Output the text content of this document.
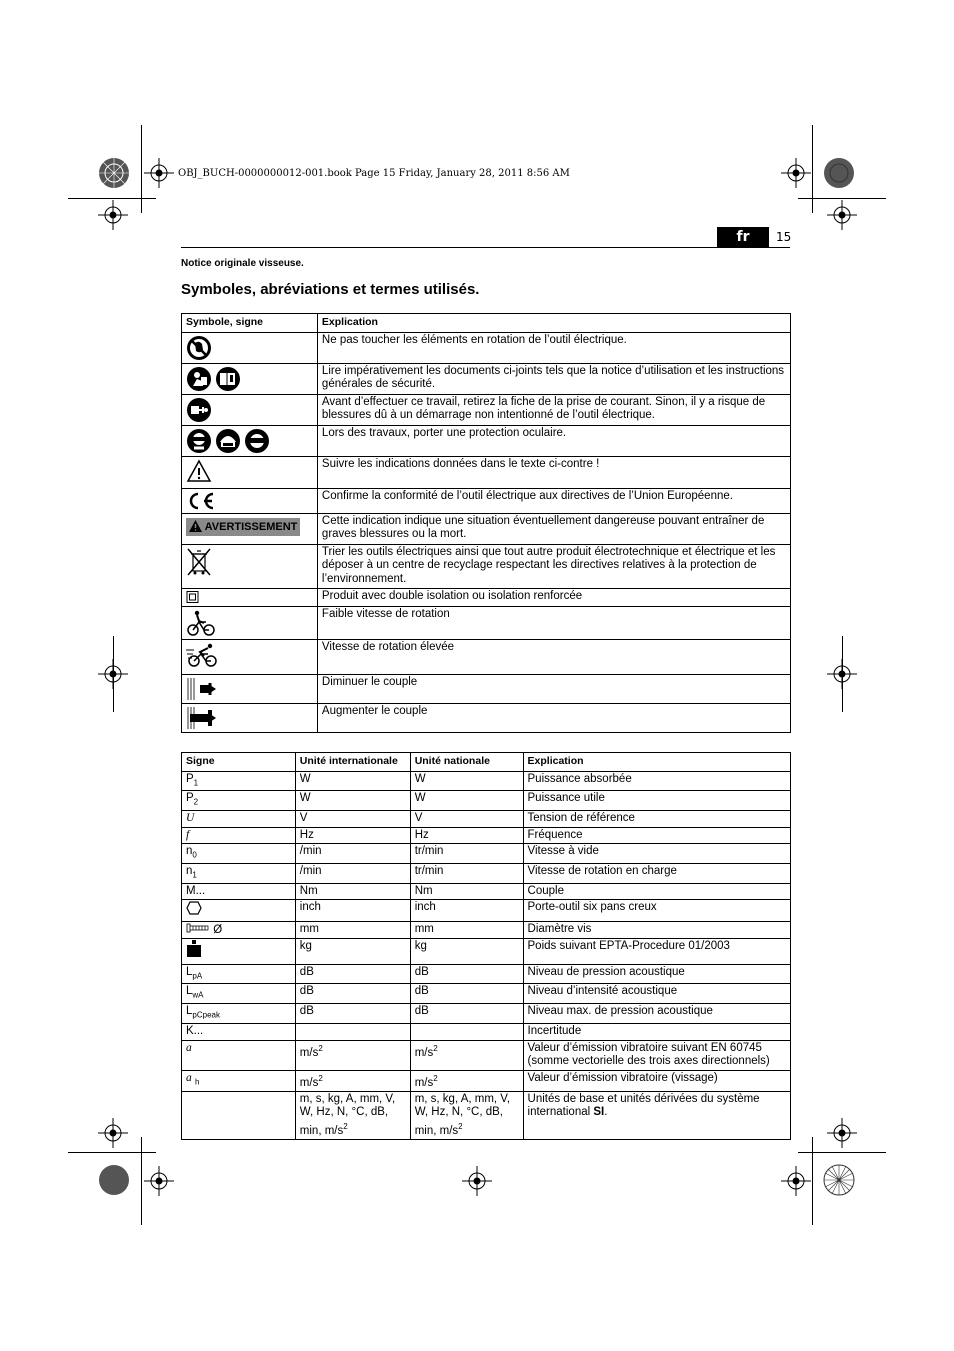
OBJ_BUCH-0000000012-001.book Page 15 Friday, January 28, 2011 8:56 AM
fr	15
Notice originale visseuse.
Symboles, abréviations et termes utilisés.
Symbole, signe	Explication
	Ne pas toucher les éléments en rotation de l’outil électrique.
	Lire impérativement les documents ci-joints tels que la notice d’utilisation et les instructions générales de sécurité.
	Avant d’effectuer ce travail, retirez la fiche de la prise de courant. Sinon, il y a risque de blessures dû à un démarrage non intentionné de l’outil électrique.
	Lors des travaux, porter une protection oculaire.
	Suivre les indications données dans le texte ci-contre !
	Confirme la conformité de l’outil électrique aux directives de l’Union Européenne.
AVERTISSEMENT	Cette indication indique une situation éventuellement dangereuse pouvant entraîner de graves blessures ou la mort.
	Trier les outils électriques ainsi que tout autre produit électrotechnique et électrique et les déposer à un centre de recyclage respectant les directives relatives à la protection de l’environnement.
	Produit avec double isolation ou isolation renforcée
	Faible vitesse de rotation
	Vitesse de rotation élevée
	Diminuer le couple
	Augmenter le couple
Signe	Unité internationale	Unité nationale	Explication
$P_1$	W	W	Puissance absorbée
$P_2$	W	W	Puissance utile
U	V	V	Tension de référence
f	Hz	Hz	Fréquence
$n_0$	/min	tr/min	Vitesse à vide
$n_1$	/min	tr/min	Vitesse de rotation en charge
M...	Nm	Nm	Couple
	inch	inch	Porte-outil six pans creux
Ø	mm	mm	Diamètre vis
	kg	kg	Poids suivant EPTA-Procedure 01/2003
$L_{pA}$	dB	dB	Niveau de pression acoustique
$L_{wA}$	dB	dB	Niveau d’intensité acoustique
$L_{pCpeak}$	dB	dB	Niveau max. de pression acoustique
K...			Incertitude
a	$m/s^2$	$m/s^2$	Valeur d’émission vibratoire suivant EN 60745 (somme vectorielle des trois axes directionnels)
a $_h$	$m/s^2$	$m/s^2$	Valeur d’émission vibratoire (vissage)
	m, s, kg, A, mm, V, W, Hz, N, °C, dB, min, $m/s^2$	m, s, kg, A, mm, V, W, Hz, N, °C, dB, min, $m/s^2$	Unités de base et unités dérivées du système international SI.
